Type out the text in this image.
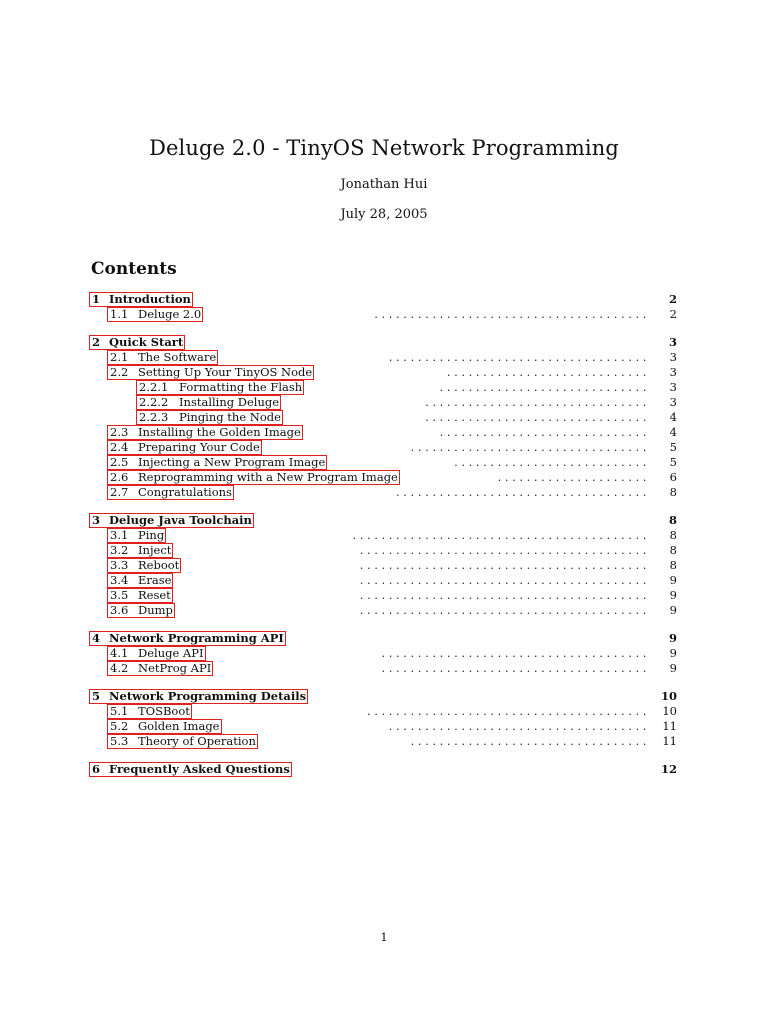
Deluge 2.0 - TinyOS Network Programming
Jonathan Hui
July 28, 2005
Contents
1 Introduction	2
1.1 Deluge 2.0	......................................	2
2 Quick Start	3
2.1 The Software	....................................	3
2.2 Setting Up Your TinyOS Node	............................	3
2.2.1 Formatting the Flash	.............................	3
2.2.2 Installing Deluge	...............................	3
2.2.3 Pinging the Node	...............................	4
2.3 Installing the Golden Image	.............................	4
2.4 Preparing Your Code	.................................	5
2.5 Injecting a New Program Image	...........................	5
2.6 Reprogramming with a New Program Image	.....................	6
2.7 Congratulations	...................................	8
3 Deluge Java Toolchain	8
3.1 Ping	.........................................	8
3.2 Inject	........................................	8
3.3 Reboot	........................................	8
3.4 Erase	........................................	9
3.5 Reset	........................................	9
3.6 Dump	........................................	9
4 Network Programming API	9
4.1 Deluge API	.....................................	9
4.2 NetProg API	.....................................	9
5 Network Programming Details	10
5.1 TOSBoot	.......................................	10
5.2 Golden Image	....................................	11
5.3 Theory of Operation	.................................	11
6 Frequently Asked Questions	12
1
